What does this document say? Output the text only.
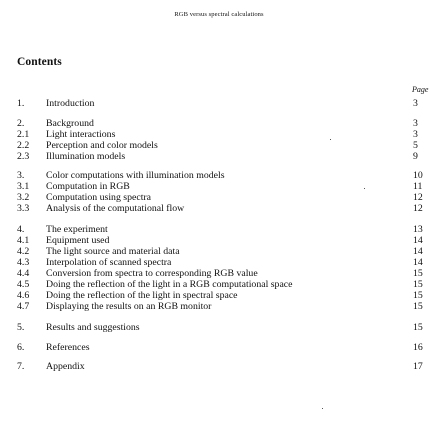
RGB versus spectral calculations
Contents
Page
1. Introduction	3
2. Background	3
2.1 Light interactions	3
2.2 Perception and color models	5
2.3 Illumination models	9
3. Color computations with illumination models	10
3.1 Computation in RGB	11
3.2 Computation using spectra	12
3.3 Analysis of the computational flow	12
4. The experiment	13
4.1 Equipment used	14
4.2 The light source and material data	14
4.3 Interpolation of scanned spectra	14
4.4 Conversion from spectra to corresponding RGB value	15
4.5 Doing the reflection of the light in a RGB computational space	15
4.6 Doing the reflection of the light in spectral space	15
4.7 Displaying the results on an RGB monitor	15
5. Results and suggestions	15
6. References	16
7. Appendix	17
